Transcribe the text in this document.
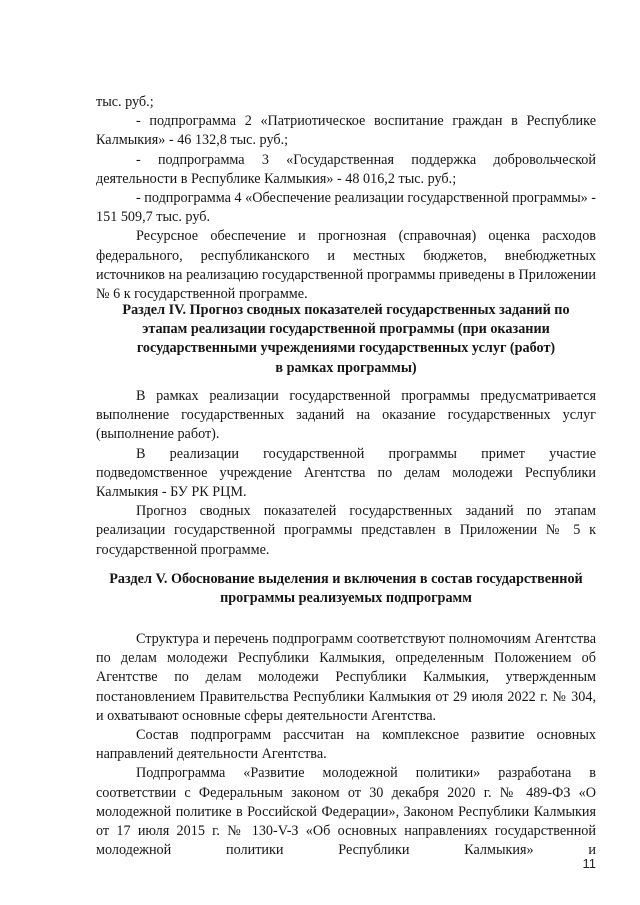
тыс. руб.;

- подпрограмма 2 «Патриотическое воспитание граждан в Республике Калмыкия» - 46 132,8 тыс. руб.;

- подпрограмма 3 «Государственная поддержка добровольческой деятельности в Республике Калмыкия» - 48 016,2 тыс. руб.;

- подпрограмма 4 «Обеспечение реализации государственной программы» - 151 509,7 тыс. руб.

Ресурсное обеспечение и прогнозная (справочная) оценка расходов федерального, республиканского и местных бюджетов, внебюджетных источников на реализацию государственной программы приведены в Приложении № 6 к государственной программе.

Раздел IV. Прогноз сводных показателей государственных заданий по
этапам реализации государственной программы (при оказании
государственными учреждениями государственных услуг (работ)
в рамках программы)

В рамках реализации государственной программы предусматривается выполнение государственных заданий на оказание государственных услуг (выполнение работ).

В реализации государственной программы примет участие подведомственное учреждение Агентства по делам молодежи Республики Калмыкия - БУ РК РЦМ.

Прогноз сводных показателей государственных заданий по этапам реализации государственной программы представлен в Приложении № 5 к государственной программе.

Раздел V. Обоснование выделения и включения в состав государственной
программы реализуемых подпрограмм

Структура и перечень подпрограмм соответствуют полномочиям Агентства по делам молодежи Республики Калмыкия, определенным Положением об Агентстве по делам молодежи Республики Калмыкия, утвержденным постановлением Правительства Республики Калмыкия от 29 июля 2022 г. № 304, и охватывают основные сферы деятельности Агентства.

Состав подпрограмм рассчитан на комплексное развитие основных направлений деятельности Агентства.

Подпрограмма «Развитие молодежной политики» разработана в соответствии с Федеральным законом от 30 декабря 2020 г. № 489-ФЗ «О молодежной политике в Российской Федерации», Законом Республики Калмыкия от 17 июля 2015 г. № 130-V-З «Об основных направлениях государственной молодежной политики Республики Калмыкия» и

11
